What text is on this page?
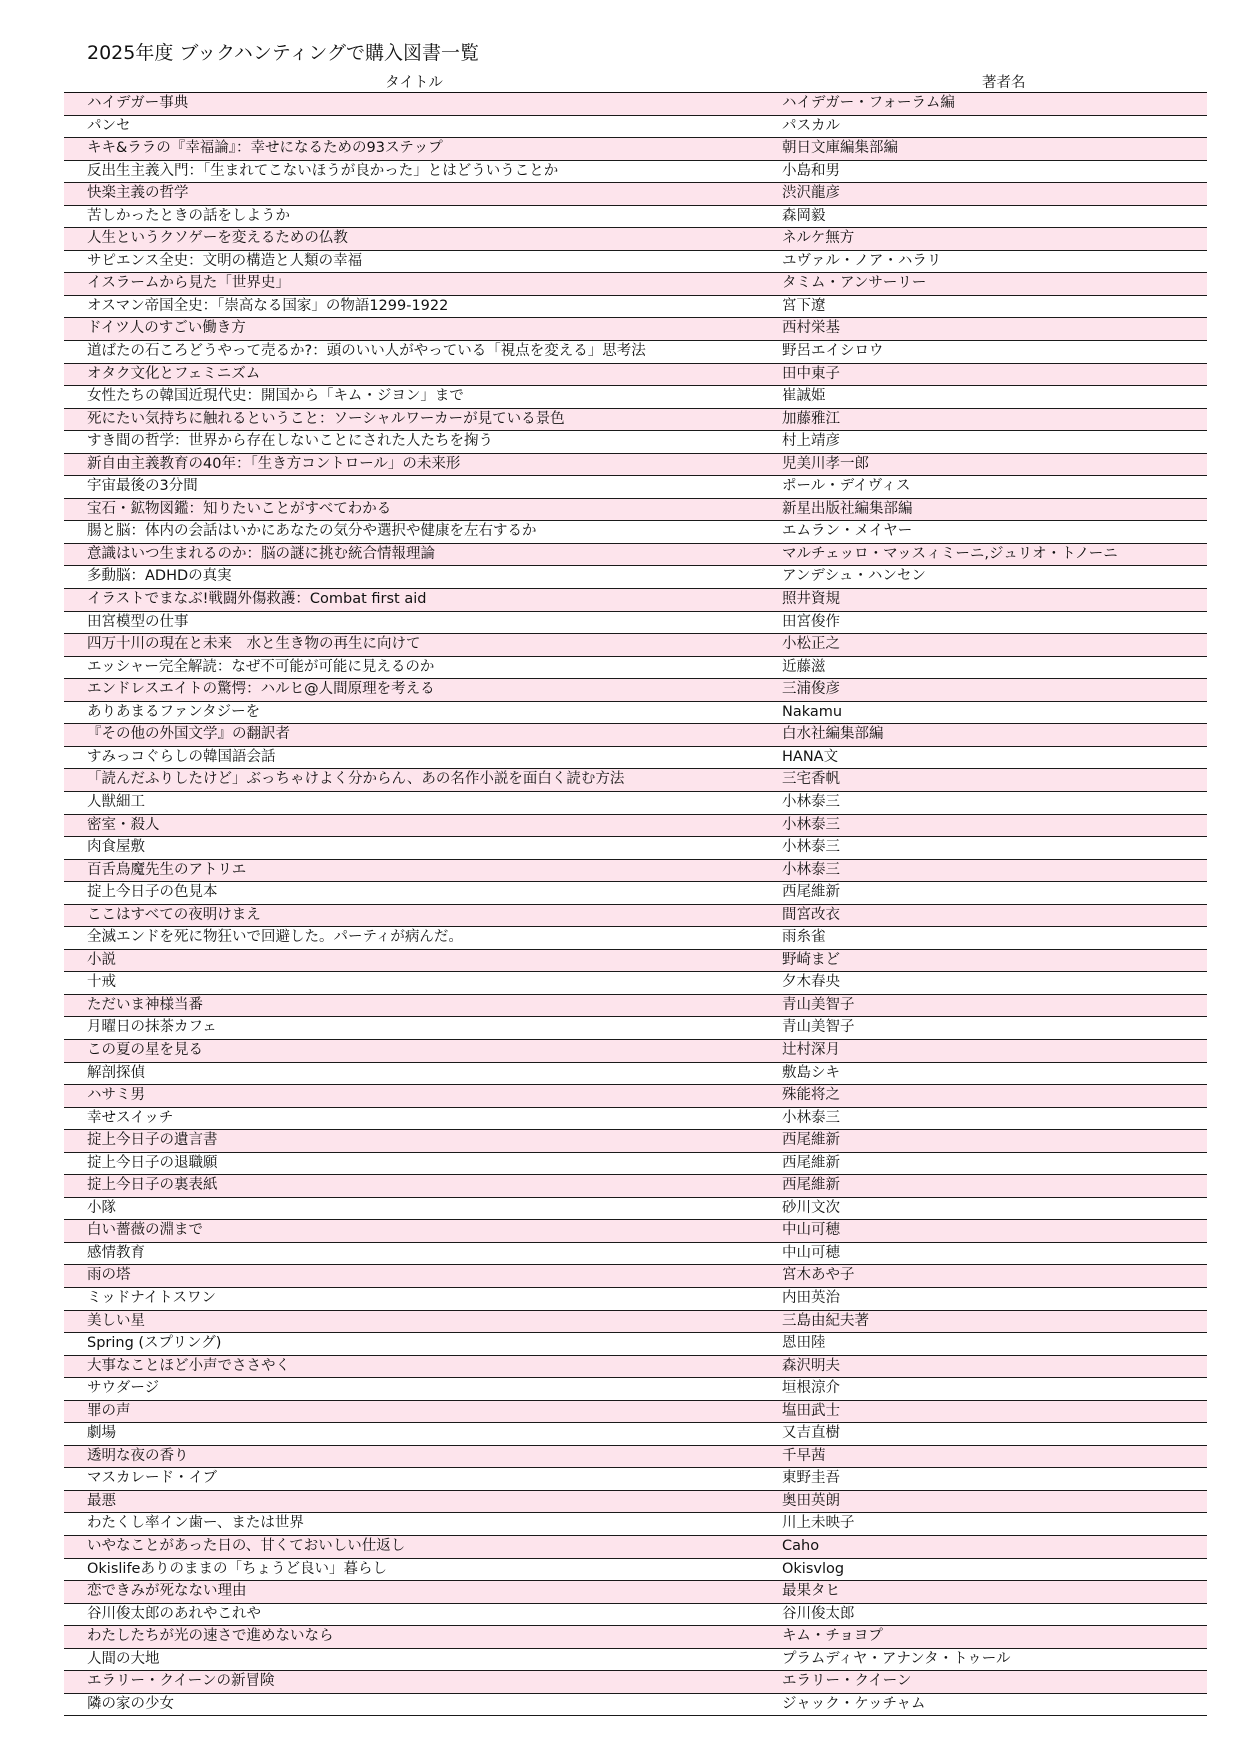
2025年度 ブックハンティングで購入図書一覧
タイトル	著者名
ハイデガー事典	ハイデガー・フォーラム編
パンセ	パスカル
キキ&ララの『幸福論』：幸せになるための93ステップ	朝日文庫編集部編
反出生主義入門：「生まれてこないほうが良かった」とはどういうことか	小島和男
快楽主義の哲学	渋沢龍彦
苦しかったときの話をしようか	森岡毅
人生というクソゲーを変えるための仏教	ネルケ無方
サピエンス全史：文明の構造と人類の幸福	ユヴァル・ノア・ハラリ
イスラームから見た「世界史」	タミム・アンサーリー
オスマン帝国全史：「崇高なる国家」の物語1299-1922	宮下遼
ドイツ人のすごい働き方	西村栄基
道ばたの石ころどうやって売るか?：頭のいい人がやっている「視点を変える」思考法	野呂エイシロウ
オタク文化とフェミニズム	田中東子
女性たちの韓国近現代史：開国から「キム・ジヨン」まで	崔誠姫
死にたい気持ちに触れるということ：ソーシャルワーカーが見ている景色	加藤雅江
すき間の哲学：世界から存在しないことにされた人たちを掬う	村上靖彦
新自由主義教育の40年：「生き方コントロール」の未来形	児美川孝一郎
宇宙最後の3分間	ポール・デイヴィス
宝石・鉱物図鑑：知りたいことがすべてわかる	新星出版社編集部編
腸と脳：体内の会話はいかにあなたの気分や選択や健康を左右するか	エムラン・メイヤー
意識はいつ生まれるのか：脳の謎に挑む統合情報理論	マルチェッロ・マッスィミーニ,ジュリオ・トノーニ
多動脳：ADHDの真実	アンデシュ・ハンセン
イラストでまなぶ!戦闘外傷救護：Combat first aid	照井資規
田宮模型の仕事	田宮俊作
四万十川の現在と未来　水と生き物の再生に向けて	小松正之
エッシャー完全解読：なぜ不可能が可能に見えるのか	近藤滋
エンドレスエイトの驚愕：ハルヒ@人間原理を考える	三浦俊彦
ありあまるファンタジーを	Nakamu
『その他の外国文学』の翻訳者	白水社編集部編
すみっコぐらしの韓国語会話	HANA文
「読んだふりしたけど」ぶっちゃけよく分からん、あの名作小説を面白く読む方法	三宅香帆
人獣細工	小林泰三
密室・殺人	小林泰三
肉食屋敷	小林泰三
百舌鳥魔先生のアトリエ	小林泰三
掟上今日子の色見本	西尾維新
ここはすべての夜明けまえ	間宮改衣
全滅エンドを死に物狂いで回避した。パーティが病んだ。	雨糸雀
小説	野崎まど
十戒	夕木春央
ただいま神様当番	青山美智子
月曜日の抹茶カフェ	青山美智子
この夏の星を見る	辻村深月
解剖探偵	敷島シキ
ハサミ男	殊能将之
幸せスイッチ	小林泰三
掟上今日子の遺言書	西尾維新
掟上今日子の退職願	西尾維新
掟上今日子の裏表紙	西尾維新
小隊	砂川文次
白い薔薇の淵まで	中山可穂
感情教育	中山可穂
雨の塔	宮木あや子
ミッドナイトスワン	内田英治
美しい星	三島由紀夫著
Spring (スプリング)	恩田陸
大事なことほど小声でささやく	森沢明夫
サウダージ	垣根涼介
罪の声	塩田武士
劇場	又吉直樹
透明な夜の香り	千早茜
マスカレード・イブ	東野圭吾
最悪	奥田英朗
わたくし率イン歯ー、または世界	川上未映子
いやなことがあった日の、甘くておいしい仕返し	Caho
Okislifeありのままの「ちょうど良い」暮らし	Okisvlog
恋できみが死なない理由	最果タヒ
谷川俊太郎のあれやこれや	谷川俊太郎
わたしたちが光の速さで進めないなら	キム・チョヨプ
人間の大地	プラムディヤ・アナンタ・トゥール
エラリー・クイーンの新冒険	エラリー・クイーン
隣の家の少女	ジャック・ケッチャム
